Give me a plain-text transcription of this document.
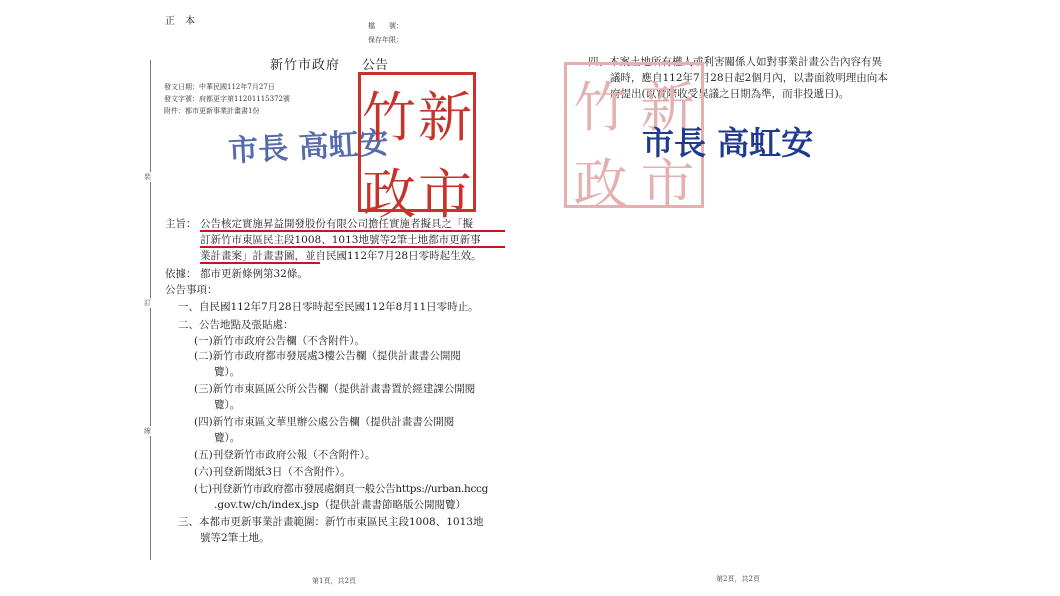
正　本	檔　　號：
保存年限：
新竹市政府 公告
發文日期：中華民國112年7月27日
發文字號：府都更字第11201115372號
附件：都市更新事業計畫書1份
市長 高虹安
竹 新
政 市
裝
訂
線
主旨： 公告核定實施昇益開發股份有限公司擔任實施者擬具之「擬
訂新竹市東區民主段1008、1013地號等2筆土地都市更新事
業計畫案」計畫書圖，並自民國112年7月28日零時起生效。
依據： 都市更新條例第32條。
公告事項：
一、自民國112年7月28日零時起至民國112年8月11日零時止。
二、公告地點及張貼處：
(一)新竹市政府公告欄（不含附件）。
(二)新竹市政府都市發展處3樓公告欄（提供計畫書公開閱
覽）。
(三)新竹市東區區公所公告欄（提供計畫書置於經建課公開閱
覽）。
(四)新竹市東區文華里辦公處公告欄（提供計畫書公開閱
覽）。
(五)刊登新竹市政府公報（不含附件）。
(六)刊登新聞紙3日（不含附件）。
(七)刊登新竹市政府都市發展處網頁一般公告https://urban.hccg
.gov.tw/ch/index.jsp（提供計畫書節略版公開閱覽）
三、本都市更新事業計畫範圍：新竹市東區民主段1008、1013地
號等2筆土地。
第1頁，共2頁
四、本案土地所有權人或利害關係人如對事業計畫公告內容有異
議時，應自112年7月28日起2個月內，以書面敘明理由向本
府提出(以實際收受異議之日期為準，而非投遞日)。
竹 新
政 市
市長 高虹安
第2頁，共2頁
